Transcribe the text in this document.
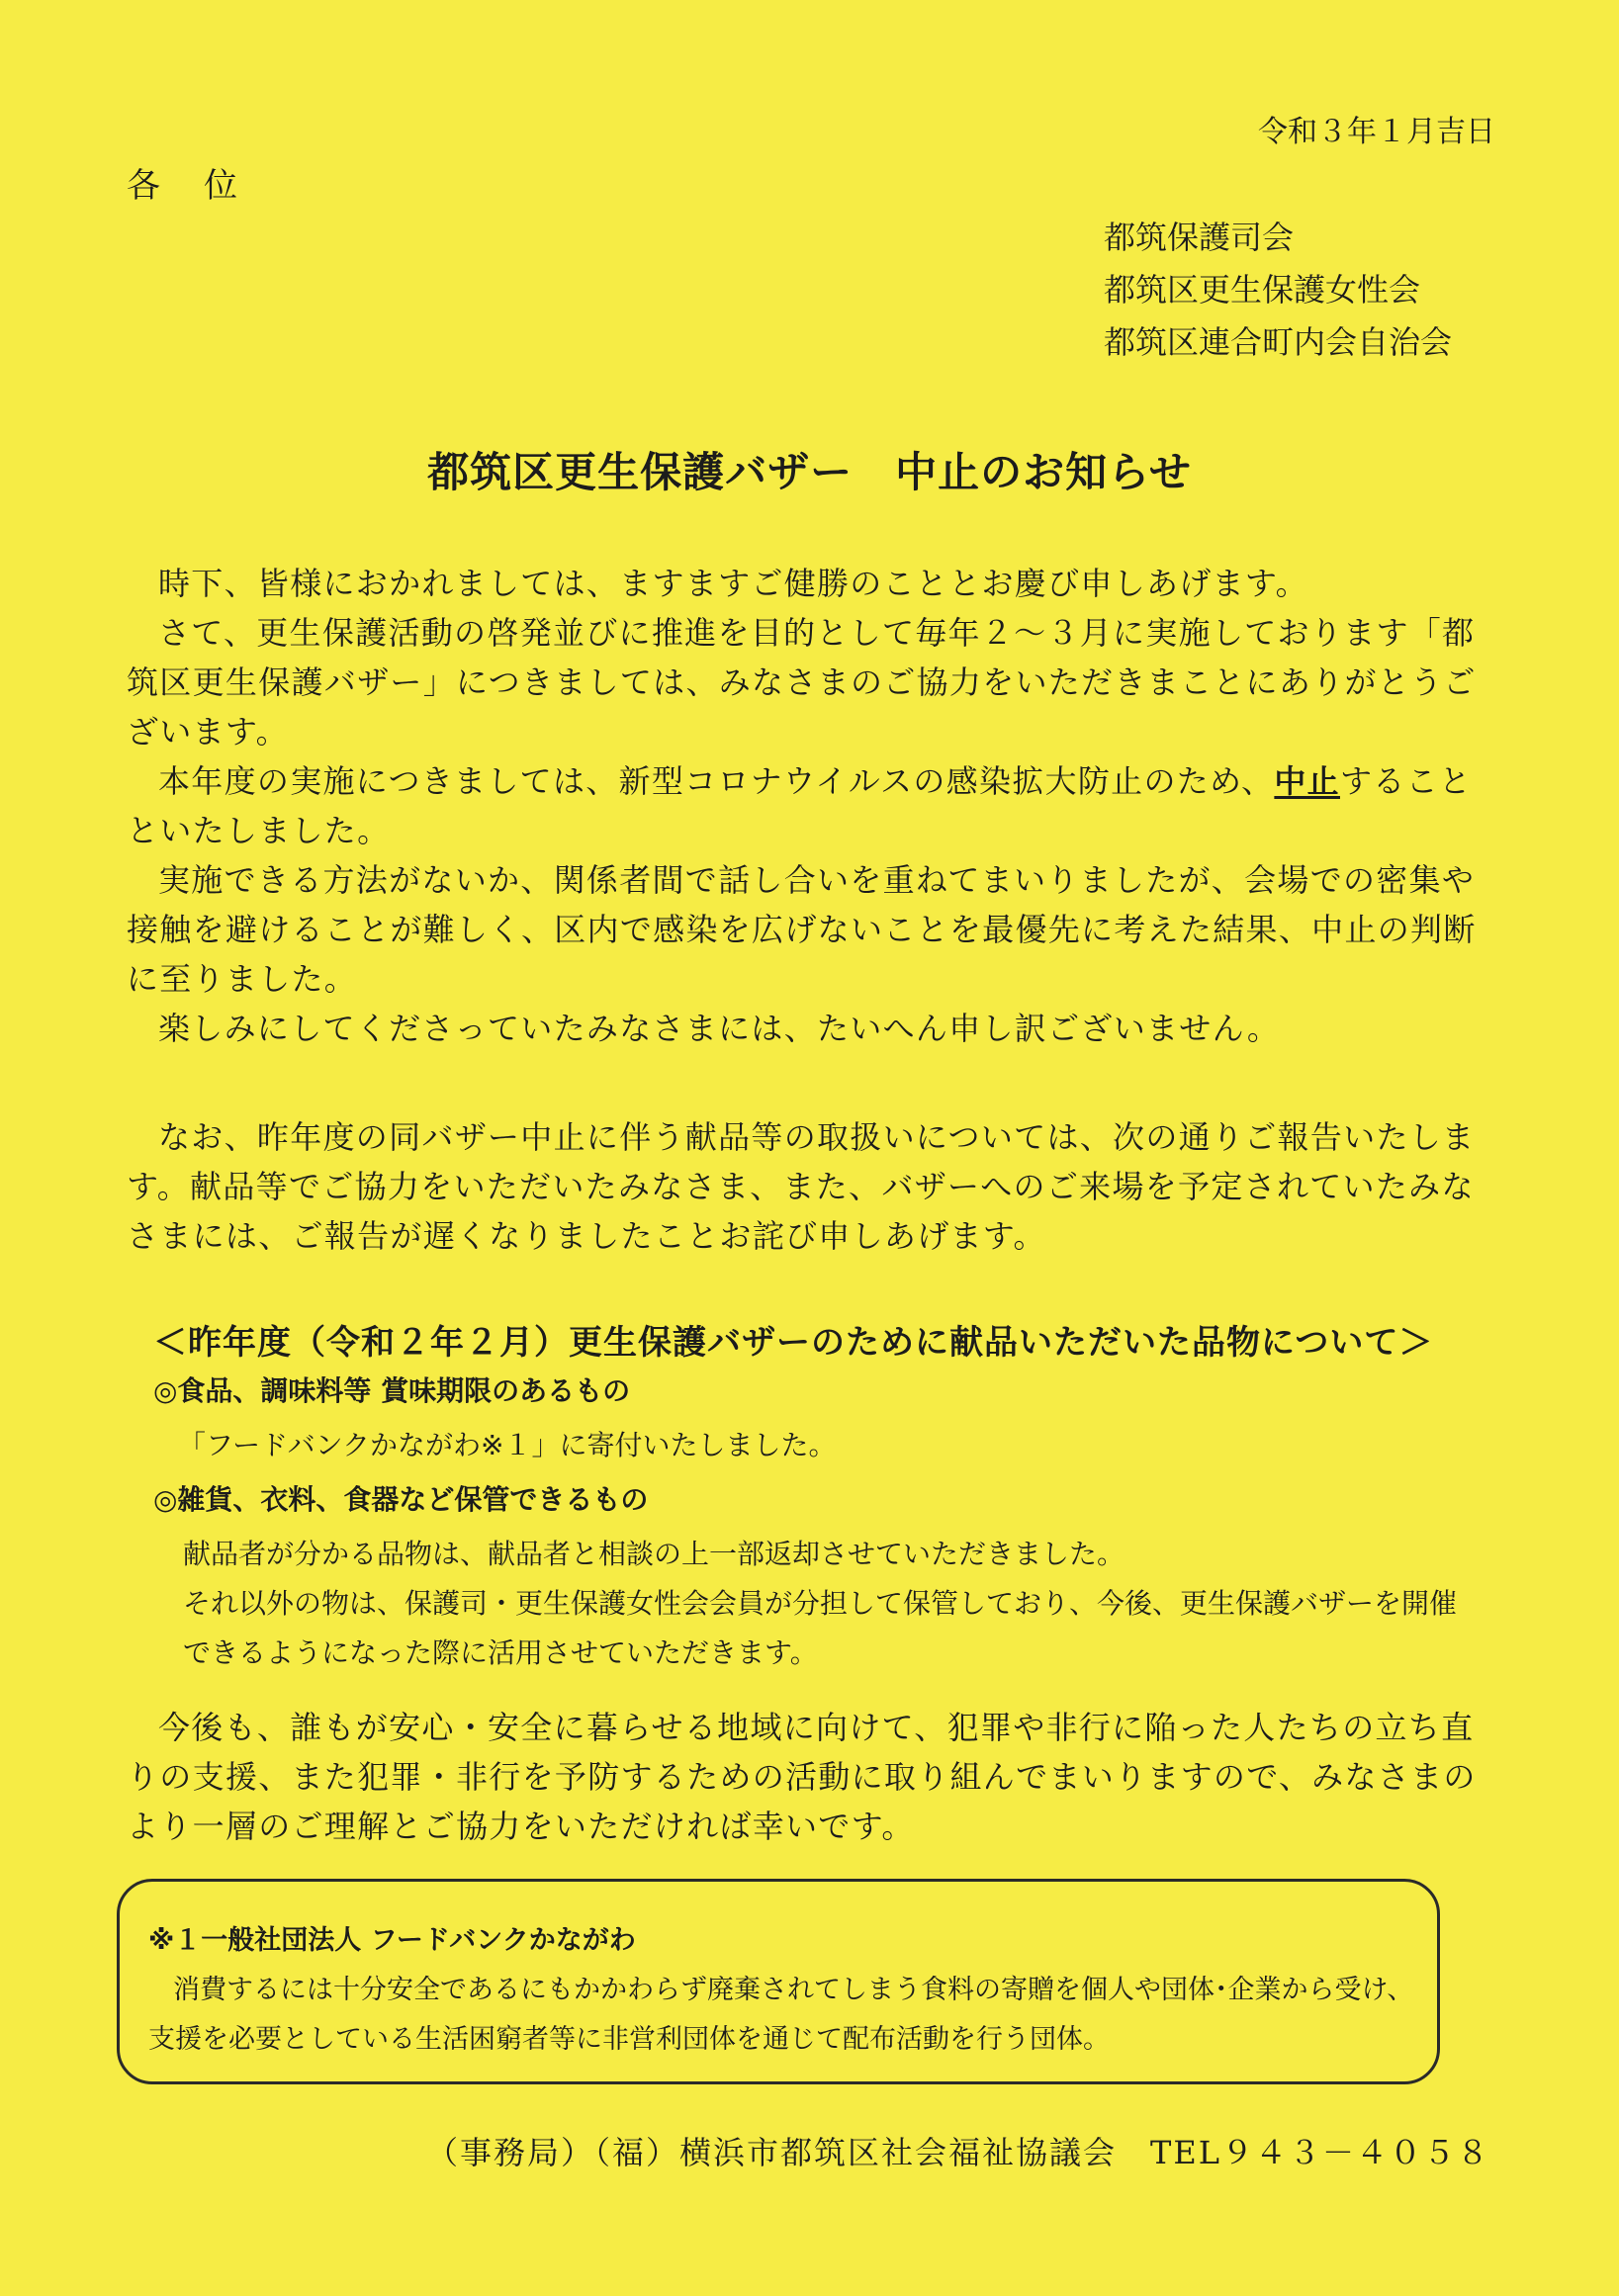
令和３年１月吉日
各位
都筑保護司会
都筑区更生保護女性会
都筑区連合町内会自治会
都筑区更生保護バザー　中止のお知らせ
時下、皆様におかれましては、ますますご健勝のこととお慶び申しあげます。
さて、更生保護活動の啓発並びに推進を目的として毎年２～３月に実施しております「都
筑区更生保護バザー」につきましては、みなさまのご協力をいただきまことにありがとうご
ざいます。
本年度の実施につきましては、新型コロナウイルスの感染拡大防止のため、中止すること
といたしました。
実施できる方法がないか、関係者間で話し合いを重ねてまいりましたが、会場での密集や
接触を避けることが難しく、区内で感染を広げないことを最優先に考えた結果、中止の判断
に至りました。
楽しみにしてくださっていたみなさまには、たいへん申し訳ございません。
なお、昨年度の同バザー中止に伴う献品等の取扱いについては、次の通りご報告いたしま
す。献品等でご協力をいただいたみなさま、また、バザーへのご来場を予定されていたみな
さまには、ご報告が遅くなりましたことお詫び申しあげます。
＜昨年度（令和２年２月）更生保護バザーのために献品いただいた品物について＞
◎食品、調味料等 賞味期限のあるもの
「フードバンクかながわ※１」に寄付いたしました。
◎雑貨、衣料、食器など保管できるもの
献品者が分かる品物は、献品者と相談の上一部返却させていただきました。
それ以外の物は、保護司・更生保護女性会会員が分担して保管しており、今後、更生保護バザーを開催
できるようになった際に活用させていただきます。
今後も、誰もが安心・安全に暮らせる地域に向けて、犯罪や非行に陥った人たちの立ち直
りの支援、また犯罪・非行を予防するための活動に取り組んでまいりますので、みなさまの
より一層のご理解とご協力をいただければ幸いです。
※１一般社団法人 フードバンクかながわ
消費するには十分安全であるにもかかわらず廃棄されてしまう食料の寄贈を個人や団体･企業から受け、
支援を必要としている生活困窮者等に非営利団体を通じて配布活動を行う団体。
（事務局）（福）横浜市都筑区社会福祉協議会　TEL９４３－４０５８
